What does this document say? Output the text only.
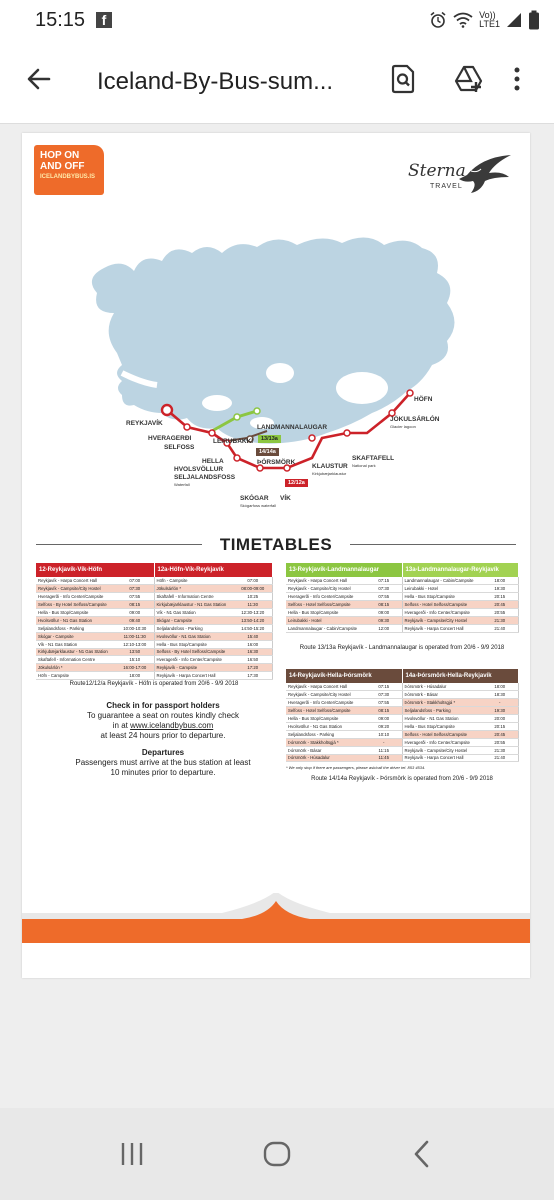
15:15	f	Vo))
LTE1
Iceland-By-Bus-sum...
HOP ON
AND OFF
ICELANDBYBUS.IS	Sterna
TRAVEL
REYKJAVÍK
HVERAGERÐI
SELFOSS
HELLA
HVOLSVÖLLUR
SELJALANDSFOSS
Waterfall
LEIRUBAKKI
LANDMANNALAUGAR
13/13a
14/14a
ÞÓRSMÖRK
SKÓGAR
Skógarfoss waterfall
VÍK
12/12a
KLAUSTUR
Kirkjubæjarklaustur
SKAFTAFELL
National park
JÖKULSÁRLÓN
Glacier lagoon
HÖFN
TIMETABLES
12-Reykjavík-Vík-Höfn		12a-Höfn-Vík-Reykjavík	
Reykjavík - Harpa Concert Hall	07:00	Höfn - Campsite	07:00
Reykjavík - Campsite/City Hostel	07:30	Jökulsárlón *	08:00-09:00
Hveragerði - Info Center/Campsite	07:55	Skaftafell - Information Centre	10:25
Selfoss - By Hotel Selfoss/Campsite	08:15	Kirkjubæjarklaustur - N1 Gas Station	11:30
Hella - Bus Stop/Campsite	09:00	Vík - N1 Gas Station	12:30-13:20
Hvolsvöllur - N1 Gas Station	09:40	Skógar - Campsite	13:50-14:20
Seljalandsfoss - Parking	10:00-10:30	Seljalandsfoss - Parking	14:50-15:20
Skógar - Campsite	11:00-11:30	Hvolsvöllur - N1 Gas Station	15:40
Vík - N1 Gas Station	12:10-13:00	Hella - Bus Stop/Campsite	16:00
Kirkjubæjarklaustur - N1 Gas Station	13:50	Selfoss - By Hotel Selfoss/Campsite	16:30
Skaftafell - Information Centre	15:10	Hveragerði - Info Center/Campsite	16:50
Jökulsárlón *	16:00-17:00	Reykjavík - Campsite	17:20
Höfn - Campsite	18:00	Reykjavík - Harpa Concert Hall	17:30
Route12/12/a Reykjavík - Höfn is operated from 20/6 - 9/9 2018
13-Reykjavík-Landmannalaugar		13a-Landmannalaugar-Reykjavík	
Reykjavík - Harpa Concert Hall	07:15	Landmannalaugar - Cabin/Campsite	18:00
Reykjavík - Campsite/City Hostel	07:30	Leirubakki - Hotel	19:30
Hveragerði - Info Center/Campsite	07:55	Hella - Bus Stop/Campsite	20:15
Selfoss - Hotel Selfoss/Campsite	08:15	Selfoss - Hotel Selfoss/Campsite	20:45
Hella - Bus Stop/Campsite	09:00	Hveragerði - Info Center/Campsite	20:55
Leirubakki - Hotel	09:30	Reykjavík - Campsite/City Hostel	21:30
Landmannalaugar - Cabin/Campsite	12:00	Reykjavík - Harpa Concert Hall	21:40
Route 13/13a Reykjavík - Landmannalaugar is operated from 20/6 - 9/9 2018
14-Reykjavík-Hella-Þórsmörk		14a-Þórsmörk-Hella-Reykjavík	
Reykjavík - Harpa Concert Hall	07:15	Þórsmörk - Húsadalur	18:00
Reykjavík - Campsite/City Hostel	07:30	Þórsmörk - Básar	18:30
Hveragerði - Info Center/Campsite	07:55	Þórsmörk - Stakkholtsgjá *	-
Selfoss - Hotel Selfoss/Campsite	08:15	Seljalandsfoss - Parking	19:30
Hella - Bus Stop/Campsite	09:00	Hvolsvöllur - N1 Gas Station	20:00
Hvolsvöllur - N1 Gas Station	09:20	Hella - Bus Stop/Campsite	20:15
Seljalandsfoss - Parking	10:10	Selfoss - Hotel Selfoss/Campsite	20:45
Þórsmörk - Stakkholtsgjá *	-	Hveragerði - Info Center/Campsite	20:55
Þórsmörk - Básar	11:15	Reykjavík - Campsite/City Hostel	21:30
Þórsmörk - Húsadalur	11:45	Reykjavík - Harpa Concert Hall	21:40
* We only stop if there are passengers, please ask/call the driver tel. 853 4534.
Route 14/14a Reykjavík - Þórsmörk is operated from 20/6 - 9/9 2018
Check in for passport holders
To guarantee a seat on routes kindly check
in at www.icelandbybus.com
at least 24 hours prior to departure.
Departures
Passengers must arrive at the bus station at least
10 minutes prior to departure.
